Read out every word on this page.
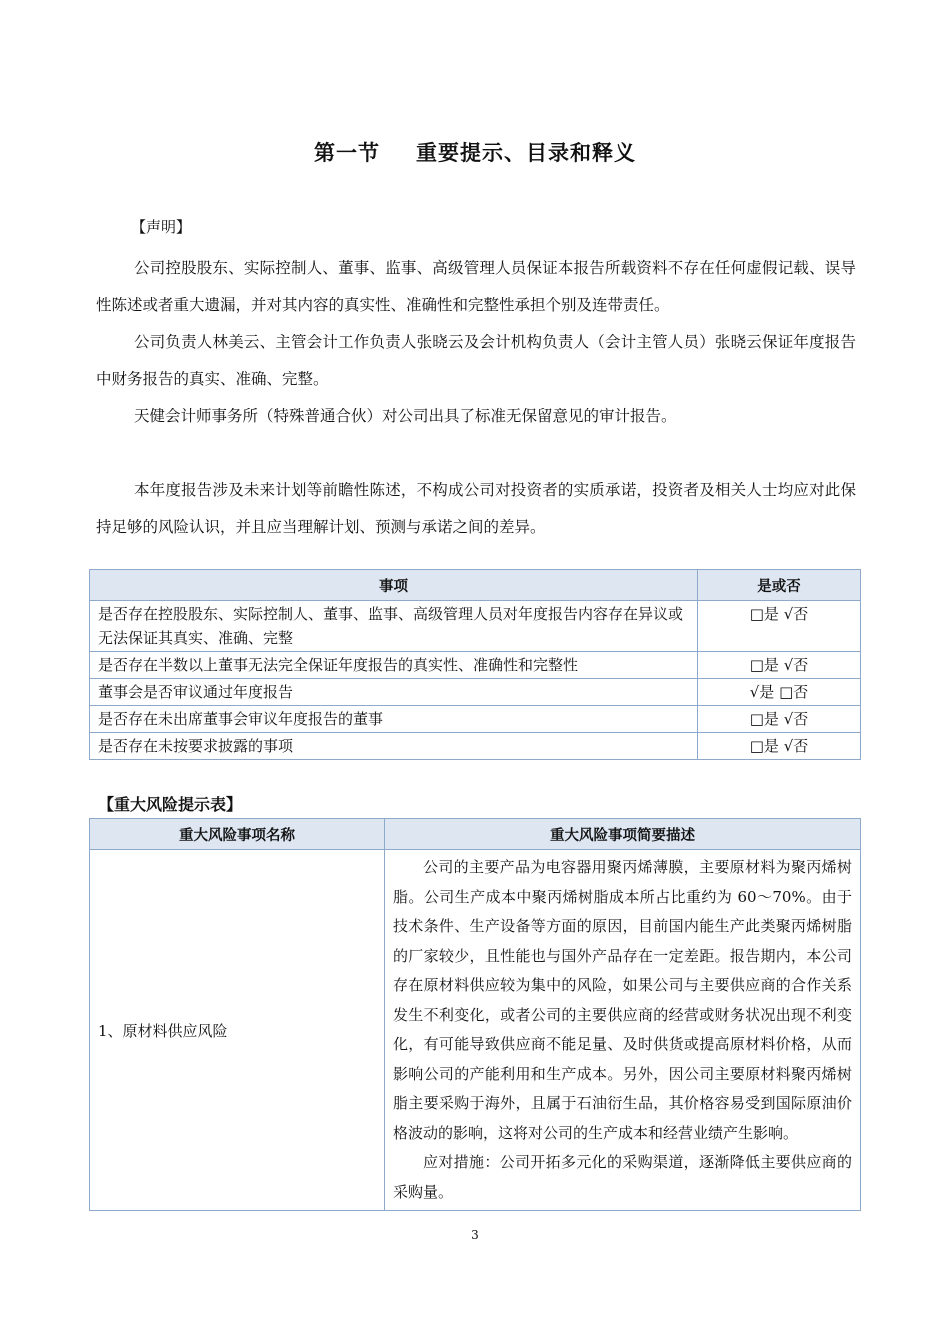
第一节 重要提示、目录和释义
【声明】

公司控股股东、实际控制人、董事、监事、高级管理人员保证本报告所载资料不存在任何虚假记载、误导性陈述或者重大遗漏，并对其内容的真实性、准确性和完整性承担个别及连带责任。

公司负责人林美云、主管会计工作负责人张晓云及会计机构负责人（会计主管人员）张晓云保证年度报告中财务报告的真实、准确、完整。

天健会计师事务所（特殊普通合伙）对公司出具了标准无保留意见的审计报告。

本年度报告涉及未来计划等前瞻性陈述，不构成公司对投资者的实质承诺，投资者及相关人士均应对此保持足够的风险认识，并且应当理解计划、预测与承诺之间的差异。

事项	是或否
是否存在控股股东、实际控制人、董事、监事、高级管理人员对年度报告内容存在异议或无法保证其真实、准确、完整	□是 √否
是否存在半数以上董事无法完全保证年度报告的真实性、准确性和完整性	□是 √否
董事会是否审议通过年度报告	√是 □否
是否存在未出席董事会审议年度报告的董事	□是 √否
是否存在未按要求披露的事项	□是 √否
【重大风险提示表】
重大风险事项名称	重大风险事项简要描述
1、原材料供应风险	公司的主要产品为电容器用聚丙烯薄膜，主要原材料为聚丙烯树脂。公司生产成本中聚丙烯树脂成本所占比重约为 60～70%。由于技术条件、生产设备等方面的原因，目前国内能生产此类聚丙烯树脂的厂家较少，且性能也与国外产品存在一定差距。报告期内，本公司存在原材料供应较为集中的风险，如果公司与主要供应商的合作关系发生不利变化，或者公司的主要供应商的经营或财务状况出现不利变化，有可能导致供应商不能足量、及时供货或提高原材料价格，从而影响公司的产能利用和生产成本。另外，因公司主要原材料聚丙烯树脂主要采购于海外，且属于石油衍生品，其价格容易受到国际原油价格波动的影响，这将对公司的生产成本和经营业绩产生影响。

应对措施：公司开拓多元化的采购渠道，逐渐降低主要供应商的采购量。

3
